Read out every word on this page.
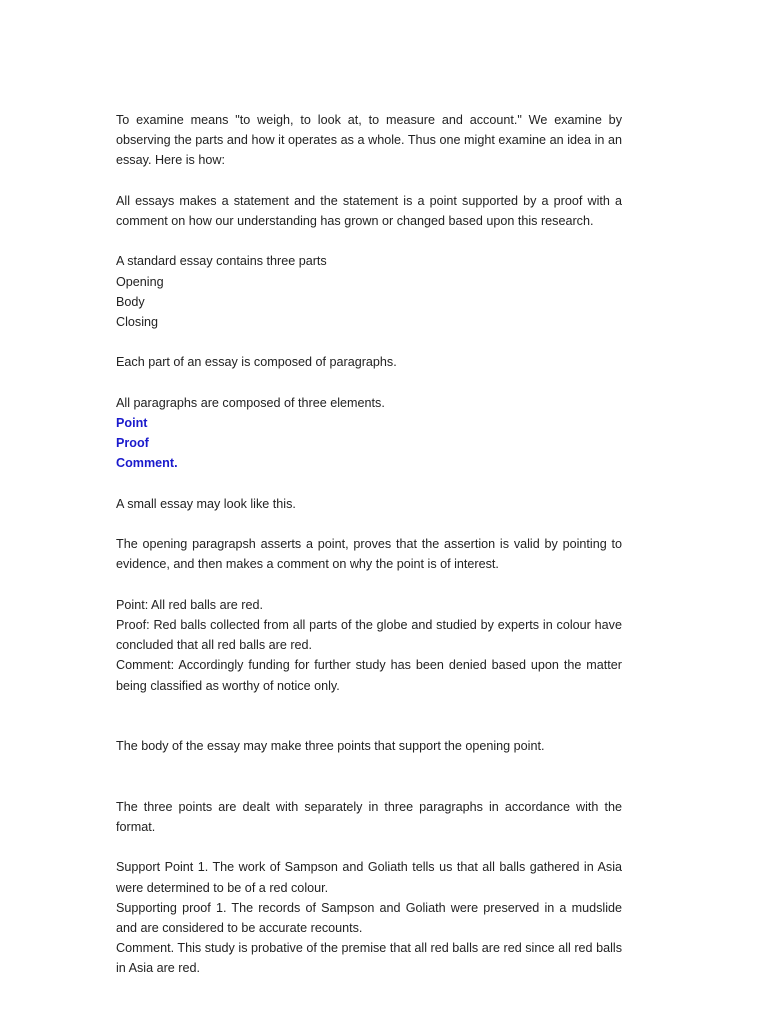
To examine means "to weigh, to look at, to measure and account." We examine by observing the parts and how it operates as a whole. Thus one might examine an idea in an essay. Here is how:

All essays makes a statement and the statement is a point supported by a proof with a comment on how our understanding has grown or changed based upon this research.

A standard essay contains three parts

Opening

Body

Closing

Each part of an essay is composed of paragraphs.

All paragraphs are composed of three elements.

Point

Proof

Comment.

A small essay may look like this.

The opening paragrapsh asserts a point, proves that the assertion is valid by pointing to evidence, and then makes a comment on why the point is of interest.

Point: All red balls are red.

Proof: Red balls collected from all parts of the globe and studied by experts in colour have concluded that all red balls are red.

Comment: Accordingly funding for further study has been denied based upon the matter being classified as worthy of notice only.

The body of the essay may make three points that support the opening point.

The three points are dealt with separately in three paragraphs in accordance with the format.

Support Point 1. The work of Sampson and Goliath tells us that all balls gathered in Asia were determined to be of a red colour.

Supporting proof 1. The records of Sampson and Goliath were preserved in a mudslide and are considered to be accurate recounts.

Comment. This study is probative of the premise that all red balls are red since all red balls in Asia are red.
